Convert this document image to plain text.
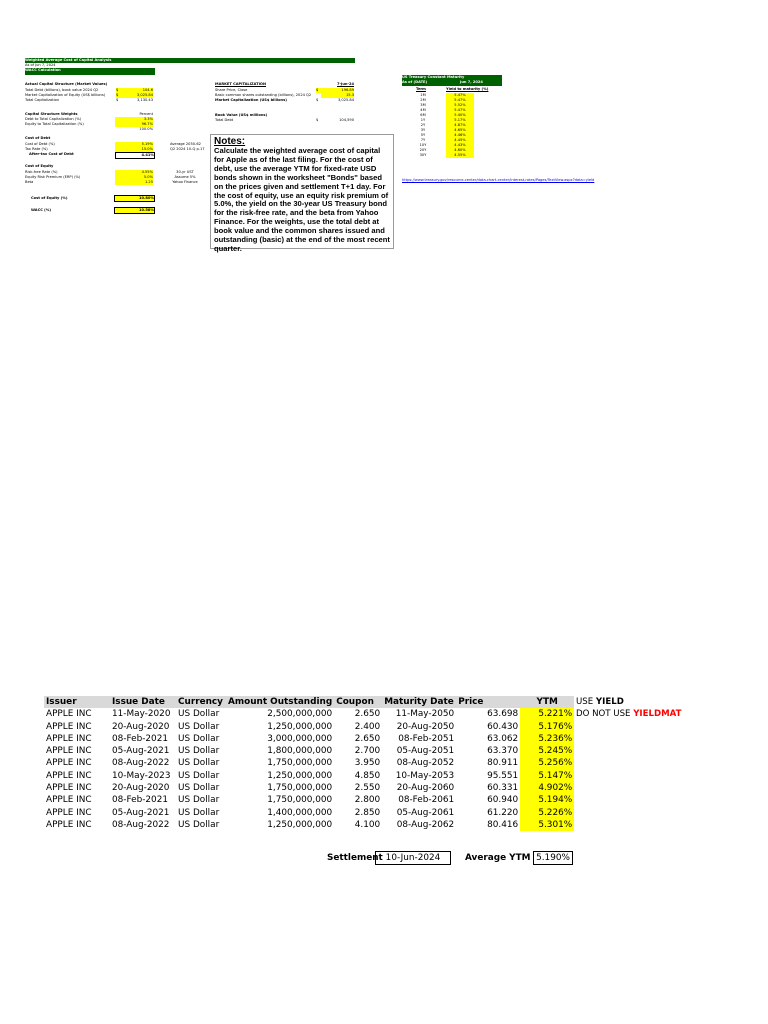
Weighted Average Cost of Capital Analysis
As of Jun 7, 2024
WACC Calculation
Actual Capital Structure (Market Values)
Total Debt (billions), book value 2024 Q2	$	104.6
Market Capitalization of Equity (US$ billions)	$	3,025.84
Total Capitalization	$	3,130.43
Capital Structure Weights	Percent
Debt to Total Capitalization (%)	3.3%
Equity to Total Capitalization (%)	96.7%
100.0%
Cost of Debt
Cost of Debt (%)	5.19%	Average 2050-62
Tax Rate (%)	15.0%	Q2 2024 10-Q p.17
After-tax Cost of Debt	4.41%
Cost of Equity
Risk-free Rate (%)	4.55%	30-yr UST
Equity Risk Premium (ERP) (%)	5.0%	Assume 5%
Beta	1.25	Yahoo Finance
Cost of Equity (%)	10.80%
WACC (%)	10.58%
MARKET CAPITALIZATION	7-Jun-24
Share Price, Close	$	196.89
Basic common shares outstanding (billions), 2024 Q2	15.3
Market Capitalization (US$ billions)	$	3,025.84
Book Value (US$ millions)
Total Debt	$	104,590
Notes:
Calculate the weighted average cost of capital for Apple as of the last filing. For the cost of debt, use the average YTM for fixed-rate USD bonds shown in the worksheet "Bonds" based on the prices given and settlement T+1 day. For the cost of equity, use an equity risk premium of 5.0%, the yield on the 30-year US Treasury bond for the risk-free rate, and the beta from Yahoo Finance. For the weights, use the total debt at book value and the common shares issued and outstanding (basic) at the end of the most recent quarter.
US Treasury Constant Maturity
As of (DATE)	Jun 7, 2024
Term	Yield to maturity (%)
1M	5.47%
2M	5.47%
3M	5.52%
4M	5.47%
6M	5.40%
1Y	5.17%
2Y	4.87%
3Y	4.65%
5Y	4.46%
7Y	4.45%
10Y	4.43%
20Y	4.60%
30Y	4.55%
https://www.treasury.gov/resource-center/data-chart-center/interest-rates/Pages/TextView.aspx?data=yield
Issuer	Issue Date	Currency	Amount Outstanding	Coupon	Maturity Date	Price	YTM
APPLE INC	11-May-2020	US Dollar	2,500,000,000	2.650	11-May-2050	63.698	5.221%
APPLE INC	20-Aug-2020	US Dollar	1,250,000,000	2.400	20-Aug-2050	60.430	5.176%
APPLE INC	08-Feb-2021	US Dollar	3,000,000,000	2.650	08-Feb-2051	63.062	5.236%
APPLE INC	05-Aug-2021	US Dollar	1,800,000,000	2.700	05-Aug-2051	63.370	5.245%
APPLE INC	08-Aug-2022	US Dollar	1,750,000,000	3.950	08-Aug-2052	80.911	5.256%
APPLE INC	10-May-2023	US Dollar	1,250,000,000	4.850	10-May-2053	95.551	5.147%
APPLE INC	20-Aug-2020	US Dollar	1,750,000,000	2.550	20-Aug-2060	60.331	4.902%
APPLE INC	08-Feb-2021	US Dollar	1,750,000,000	2.800	08-Feb-2061	60.940	5.194%
APPLE INC	05-Aug-2021	US Dollar	1,400,000,000	2.850	05-Aug-2061	61.220	5.226%
APPLE INC	08-Aug-2022	US Dollar	1,250,000,000	4.100	08-Aug-2062	80.416	5.301%
USE YIELD
DO NOT USE YIELDMAT
Settlement 10-Jun-2024	Average YTM 5.190%
